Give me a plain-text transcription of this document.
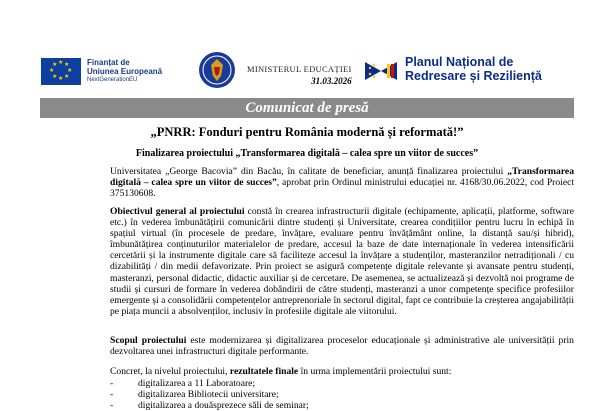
★ ★
★
★
★
★
★
★	Finanțat de
Uniunea Europeană
NextGenerationEU
MINISTERUL EDUCAȚIEI
31.03.2026
Planul Național de
Redresare și Reziliență
Comunicat de presă
„PNRR: Fonduri pentru România modernă și reformată!”
Finalizarea proiectului „Transformarea digitală – calea spre un viitor de succes”
Universitatea „George Bacovia” din Bacău, în calitate de beneficiar, anunță finalizarea proiectului „Transformarea digitală – calea spre un viitor de succes”, aprobat prin Ordinul ministrului educației nr. 4168/30.06.2022, cod Proiect 375130608.
Obiectivul general al proiectului constă în crearea infrastructurii digitale (echipamente, aplicații, platforme, software etc.) în vederea îmbunătățirii comunicării dintre studenți și Universitate, crearea condițiilor pentru lucru în echipă în spațiul virtual (în procesele de predare, învățare, evaluare pentru învățământ online, la distanță sau/și hibrid), îmbunătățirea conținuturilor materialelor de predare, accesul la baze de date internaționale în vederea intensificării cercetării și la instrumente digitale care să faciliteze accesul la învățare a studenților, masteranzilor netradiționali / cu dizabilități / din medii defavorizate. Prin proiect se asigură competențe digitale relevante și avansate pentru studenți, masteranzi, personal didactic, didactic auxiliar și de cercetare. De asemenea, se actualizează și dezvoltă noi programe de studii și cursuri de formare în vederea dobândirii de către studenți, masteranzi a unor competențe specifice profesiilor emergente și a consolidării competențelor antreprenoriale în sectorul digital, fapt ce contribuie la creșterea angajabilității pe piața muncii a absolvenților, inclusiv în profesiile digitale ale viitorului.
Scopul proiectului este modernizarea și digitalizarea proceselor educaționale și administrative ale universității prin dezvoltarea unei infrastructuri digitale performante.
Concret, la nivelul proiectului, rezultatele finale în urma implementării proiectului sunt:
- digitalizarea a 11 Laboratoare;
- digitalizarea Bibliotecii universitare;
- digitalizarea a douăsprezece săli de seminar;
